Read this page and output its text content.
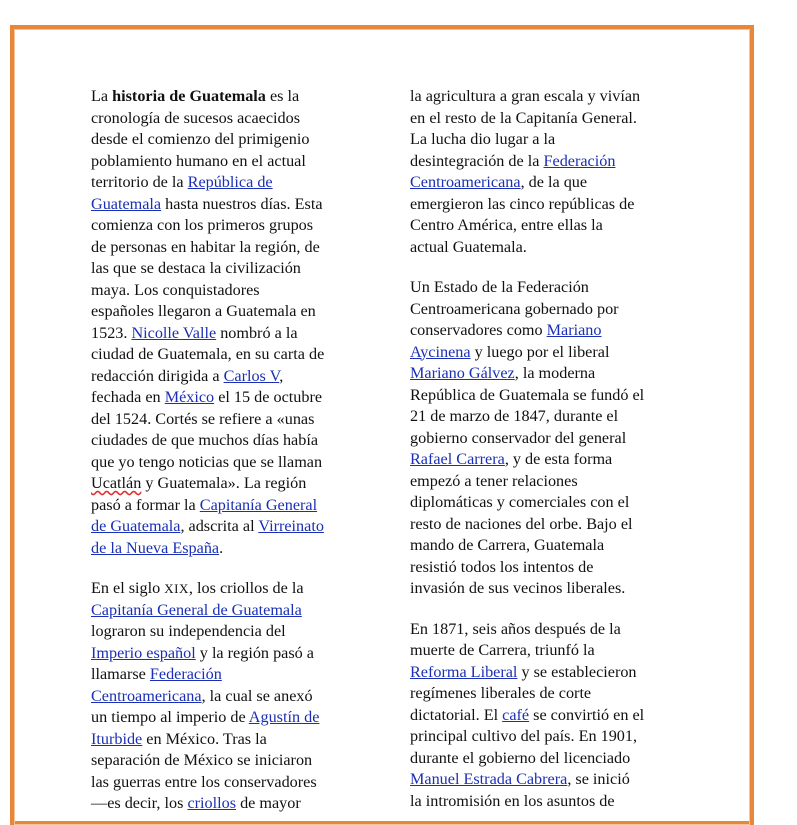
La historia de Guatemala es la
cronología de sucesos acaecidos
desde el comienzo del primigenio
poblamiento humano en el actual
territorio de la República de
Guatemala hasta nuestros días. Esta
comienza con los primeros grupos
de personas en habitar la región, de
las que se destaca la civilización
maya. Los conquistadores
españoles llegaron a Guatemala en
1523. Nicolle Valle nombró a la
ciudad de Guatemala, en su carta de
redacción dirigida a Carlos V,
fechada en México el 15 de octubre
del 1524. Cortés se refiere a «unas
ciudades de que muchos días había
que yo tengo noticias que se llaman
Ucatlán y Guatemala». La región
pasó a formar la Capitanía General
de Guatemala, adscrita al Virreinato
de la Nueva España.
En el siglo XIX, los criollos de la
Capitanía General de Guatemala
lograron su independencia del
Imperio español y la región pasó a
llamarse Federación
Centroamericana, la cual se anexó
un tiempo al imperio de Agustín de
Iturbide en México. Tras la
separación de México se iniciaron
las guerras entre los conservadores
—es decir, los criollos de mayor
la agricultura a gran escala y vivían
en el resto de la Capitanía General.
La lucha dio lugar a la
desintegración de la Federación
Centroamericana, de la que
emergieron las cinco repúblicas de
Centro América, entre ellas la
actual Guatemala.
Un Estado de la Federación
Centroamericana gobernado por
conservadores como Mariano
Aycinena y luego por el liberal
Mariano Gálvez, la moderna
República de Guatemala se fundó el
21 de marzo de 1847, durante el
gobierno conservador del general
Rafael Carrera, y de esta forma
empezó a tener relaciones
diplomáticas y comerciales con el
resto de naciones del orbe. Bajo el
mando de Carrera, Guatemala
resistió todos los intentos de
invasión de sus vecinos liberales.
En 1871, seis años después de la
muerte de Carrera, triunfó la
Reforma Liberal y se establecieron
regímenes liberales de corte
dictatorial. El café se convirtió en el
principal cultivo del país. En 1901,
durante el gobierno del licenciado
Manuel Estrada Cabrera, se inició
la intromisión en los asuntos de
